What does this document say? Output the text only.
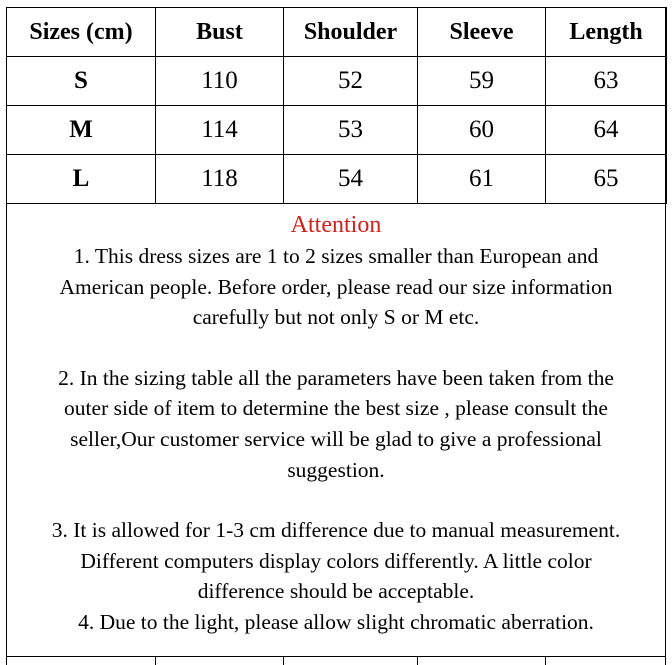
Sizes (cm)	Bust	Shoulder	Sleeve	Length
S	110	52	59	63
M	114	53	60	64
L	118	54	61	65
Attention

1. This dress sizes are 1 to 2 sizes smaller than European and

American people. Before order, please read our size information

carefully but not only S or M etc.

2. In the sizing table all the parameters have been taken from the

outer side of item to determine the best size , please consult the

seller,Our customer service will be glad to give a professional

suggestion.

3. It is allowed for 1-3 cm difference due to manual measurement.

Different computers display colors differently. A little color

difference should be acceptable.

4. Due to the light, please allow slight chromatic aberration.
